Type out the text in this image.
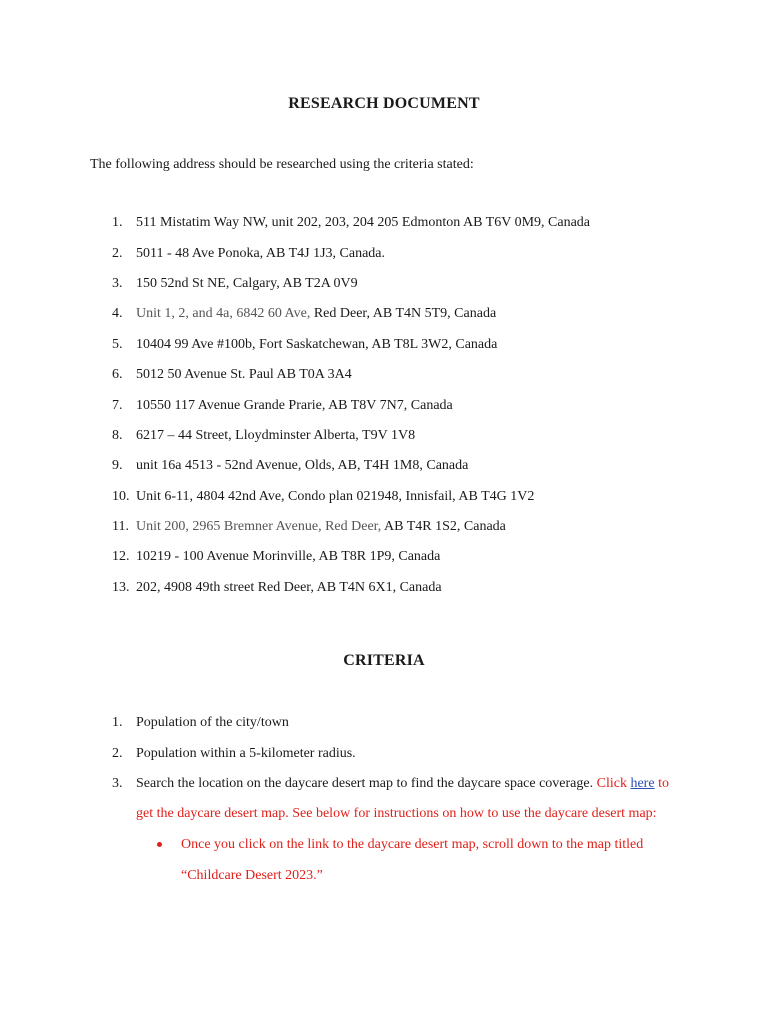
RESEARCH DOCUMENT
The following address should be researched using the criteria stated:
1. 511 Mistatim Way NW, unit 202, 203, 204 205 Edmonton AB T6V 0M9, Canada
2. 5011 - 48 Ave Ponoka, AB T4J 1J3, Canada.
3. 150 52nd St NE, Calgary, AB T2A 0V9
4. Unit 1, 2, and 4a, 6842 60 Ave, Red Deer, AB T4N 5T9, Canada
5. 10404 99 Ave #100b, Fort Saskatchewan, AB T8L 3W2, Canada
6. 5012 50 Avenue St. Paul AB T0A 3A4
7. 10550 117 Avenue Grande Prarie, AB T8V 7N7, Canada
8. 6217 – 44 Street, Lloydminster Alberta, T9V 1V8
9. unit 16a 4513 - 52nd Avenue, Olds, AB, T4H 1M8, Canada
10. Unit 6-11, 4804 42nd Ave, Condo plan 021948, Innisfail, AB T4G 1V2
11. Unit 200, 2965 Bremner Avenue, Red Deer, AB T4R 1S2, Canada
12. 10219 - 100 Avenue Morinville, AB T8R 1P9, Canada
13. 202, 4908 49th street Red Deer, AB T4N 6X1, Canada
CRITERIA
1. Population of the city/town
2. Population within a 5-kilometer radius.
3. Search the location on the daycare desert map to find the daycare space coverage. Click here to
get the daycare desert map. See below for instructions on how to use the daycare desert map:
Once you click on the link to the daycare desert map, scroll down to the map titled
“Childcare Desert 2023.”
